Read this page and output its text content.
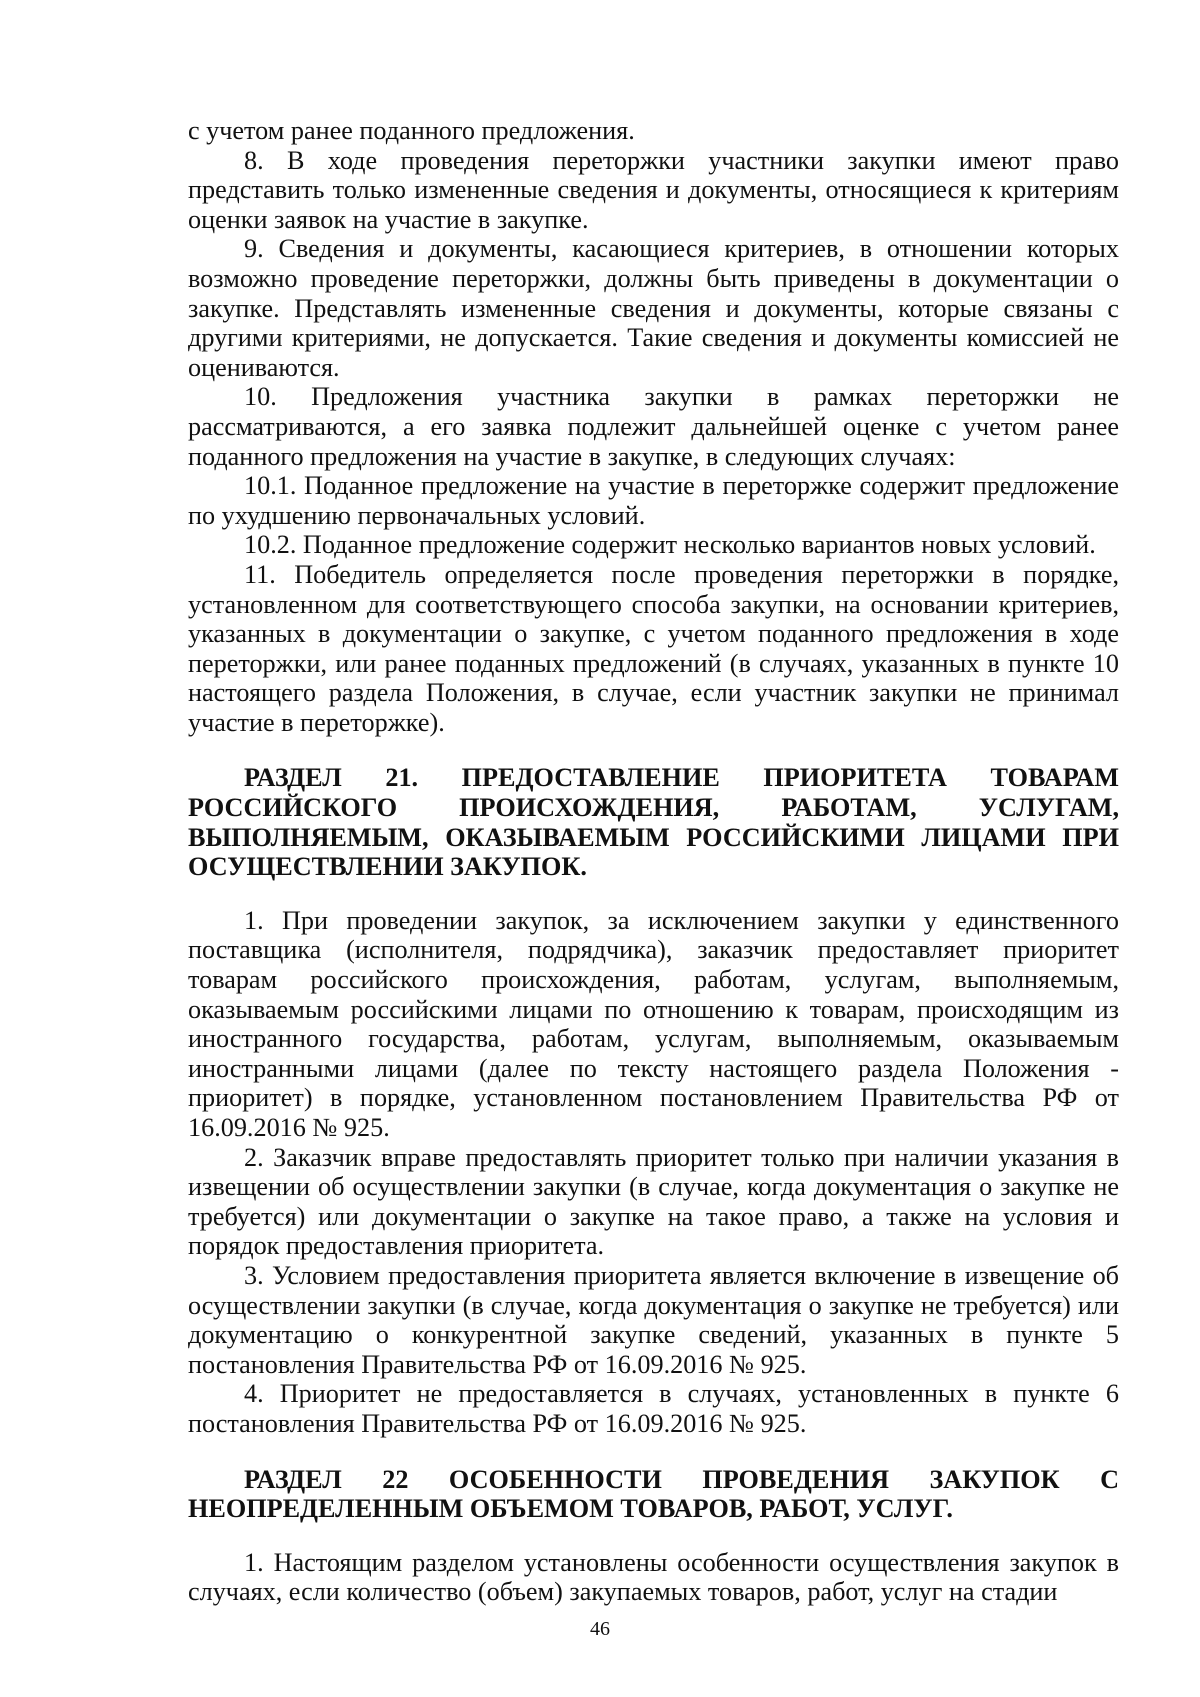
с учетом ранее поданного предложения.

8. В ходе проведения переторжки участники закупки имеют право представить только измененные сведения и документы, относящиеся к критериям оценки заявок на участие в закупке.

9. Сведения и документы, касающиеся критериев, в отношении которых возможно проведение переторжки, должны быть приведены в документации о закупке. Представлять измененные сведения и документы, которые связаны с другими критериями, не допускается. Такие сведения и документы комиссией не оцениваются.

10. Предложения участника закупки в рамках переторжки не рассматриваются, а его заявка подлежит дальнейшей оценке с учетом ранее поданного предложения на участие в закупке, в следующих случаях:

10.1. Поданное предложение на участие в переторжке содержит предложение по ухудшению первоначальных условий.

10.2. Поданное предложение содержит несколько вариантов новых условий.

11. Победитель определяется после проведения переторжки в порядке, установленном для соответствующего способа закупки, на основании критериев, указанных в документации о закупке, с учетом поданного предложения в ходе переторжки, или ранее поданных предложений (в случаях, указанных в пункте 10 настоящего раздела Положения, в случае, если участник закупки не принимал участие в переторжке).

РАЗДЕЛ 21. ПРЕДОСТАВЛЕНИЕ ПРИОРИТЕТА ТОВАРАМ РОССИЙСКОГО ПРОИСХОЖДЕНИЯ, РАБОТАМ, УСЛУГАМ, ВЫПОЛНЯЕМЫМ, ОКАЗЫВАЕМЫМ РОССИЙСКИМИ ЛИЦАМИ ПРИ ОСУЩЕСТВЛЕНИИ ЗАКУПОК.

1. При проведении закупок, за исключением закупки у единственного поставщика (исполнителя, подрядчика), заказчик предоставляет приоритет товарам российского происхождения, работам, услугам, выполняемым, оказываемым российскими лицами по отношению к товарам, происходящим из иностранного государства, работам, услугам, выполняемым, оказываемым иностранными лицами (далее по тексту настоящего раздела Положения - приоритет) в порядке, установленном постановлением Правительства РФ от 16.09.2016 № 925.

2. Заказчик вправе предоставлять приоритет только при наличии указания в извещении об осуществлении закупки (в случае, когда документация о закупке не требуется) или документации о закупке на такое право, а также на условия и порядок предоставления приоритета.

3. Условием предоставления приоритета является включение в извещение об осуществлении закупки (в случае, когда документация о закупке не требуется) или документацию о конкурентной закупке сведений, указанных в пункте 5 постановления Правительства РФ от 16.09.2016 № 925.

4. Приоритет не предоставляется в случаях, установленных в пункте 6 постановления Правительства РФ от 16.09.2016 № 925.

РАЗДЕЛ 22 ОСОБЕННОСТИ ПРОВЕДЕНИЯ ЗАКУПОК С НЕОПРЕДЕЛЕННЫМ ОБЪЕМОМ ТОВАРОВ, РАБОТ, УСЛУГ.

1. Настоящим разделом установлены особенности осуществления закупок в случаях, если количество (объем) закупаемых товаров, работ, услуг на стадии

46
